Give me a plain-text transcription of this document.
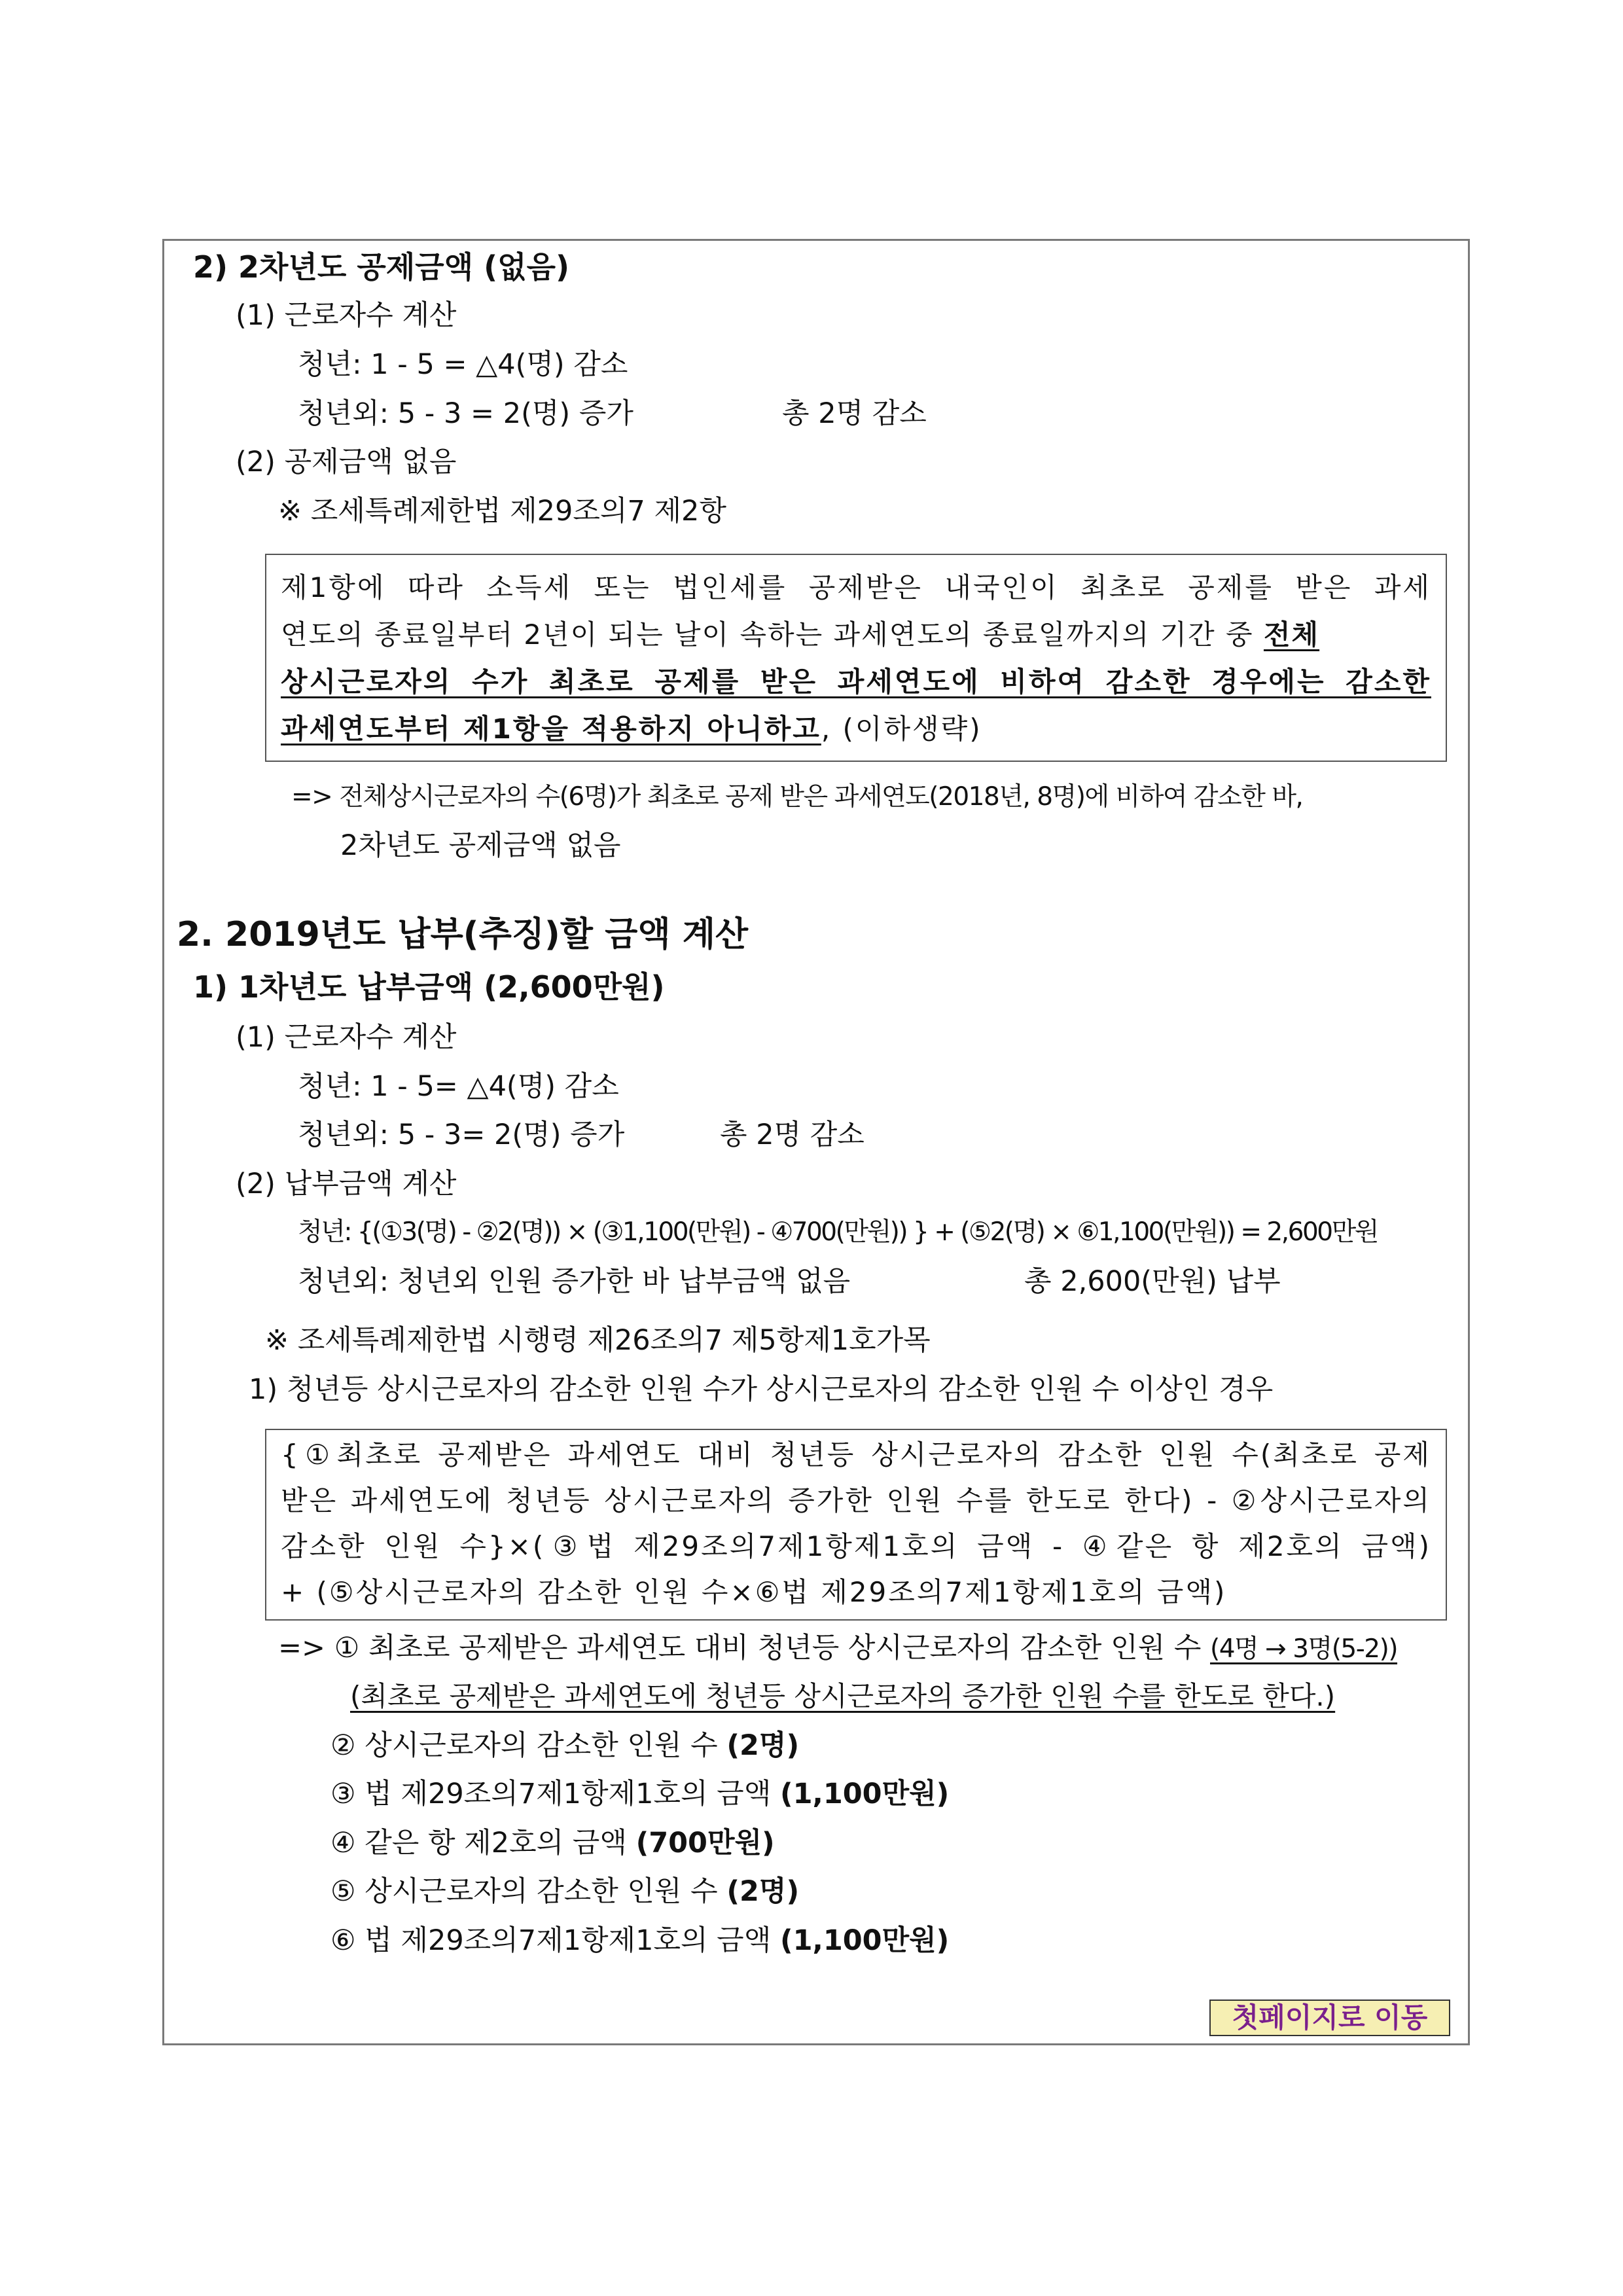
2) 2차년도 공제금액 (없음)
(1) 근로자수 계산
청년: 1 - 5 = △4(명) 감소
청년외: 5 - 3 = 2(명) 증가	총 2명 감소
(2) 공제금액 없음
※ 조세특례제한법 제29조의7 제2항
제1항에 따라 소득세 또는 법인세를 공제받은 내국인이 최초로 공제를 받은 과세
연도의 종료일부터 2년이 되는 날이 속하는 과세연도의 종료일까지의 기간 중 전체
상시근로자의 수가 최초로 공제를 받은 과세연도에 비하여 감소한 경우에는 감소한
과세연도부터 제1항을 적용하지 아니하고, (이하생략)
=> 전체상시근로자의 수(6명)가 최초로 공제 받은 과세연도(2018년, 8명)에 비하여 감소한 바,
2차년도 공제금액 없음
2. 2019년도 납부(추징)할 금액 계산
1) 1차년도 납부금액 (2,600만원)
(1) 근로자수 계산
청년: 1 - 5= △4(명) 감소
청년외: 5 - 3= 2(명) 증가	총 2명 감소
(2) 납부금액 계산
청년: {(①3(명) - ②2(명)) × (③1,100(만원) - ④700(만원)) } + (⑤2(명) × ⑥1,100(만원)) = 2,600만원
청년외: 청년외 인원 증가한 바 납부금액 없음	총 2,600(만원) 납부
※ 조세특례제한법 시행령 제26조의7 제5항제1호가목
1) 청년등 상시근로자의 감소한 인원 수가 상시근로자의 감소한 인원 수 이상인 경우
{①최초로 공제받은 과세연도 대비 청년등 상시근로자의 감소한 인원 수(최초로 공제
받은 과세연도에 청년등 상시근로자의 증가한 인원 수를 한도로 한다) - ②상시근로자의
감소한 인원 수}×(③법 제29조의7제1항제1호의 금액 - ④같은 항 제2호의 금액)
+ (⑤상시근로자의 감소한 인원 수×⑥법 제29조의7제1항제1호의 금액)
=> ① 최초로 공제받은 과세연도 대비 청년등 상시근로자의 감소한 인원 수 (4명 → 3명(5-2))
(최초로 공제받은 과세연도에 청년등 상시근로자의 증가한 인원 수를 한도로 한다.)
② 상시근로자의 감소한 인원 수 (2명)
③ 법 제29조의7제1항제1호의 금액 (1,100만원)
④ 같은 항 제2호의 금액 (700만원)
⑤ 상시근로자의 감소한 인원 수 (2명)
⑥ 법 제29조의7제1항제1호의 금액 (1,100만원)
첫페이지로 이동
